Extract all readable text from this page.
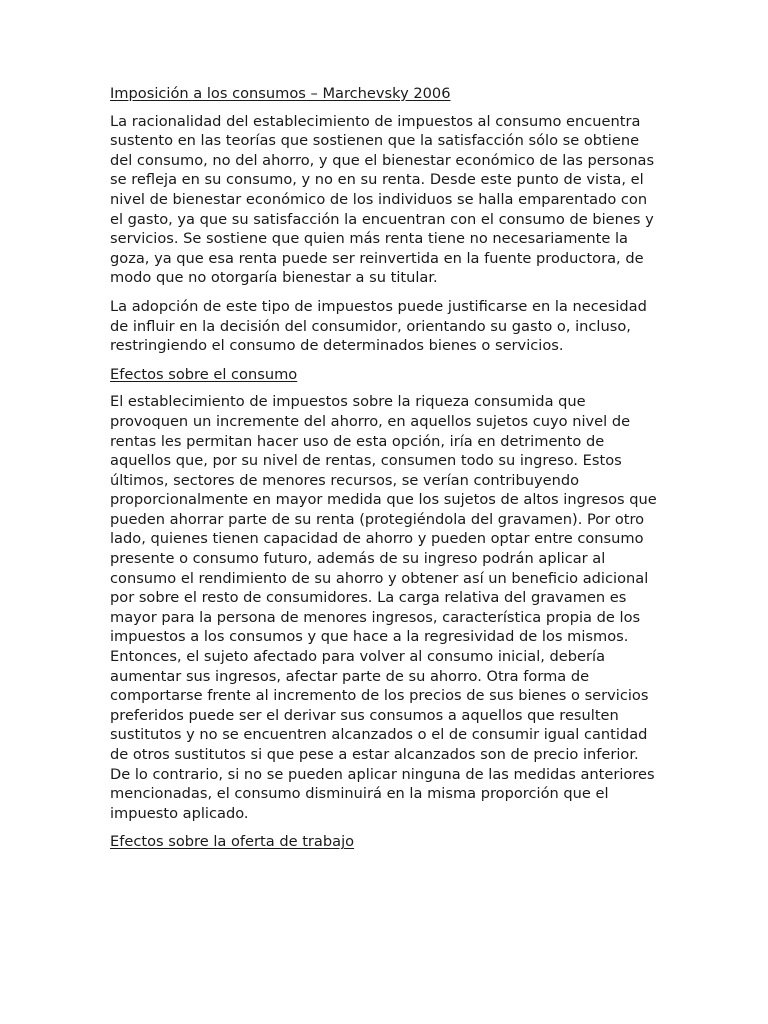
Imposición a los consumos – Marchevsky 2006

La racionalidad del establecimiento de impuestos al consumo encuentra sustento en las teorías que sostienen que la satisfacción sólo se obtiene del consumo, no del ahorro, y que el bienestar económico de las personas se refleja en su consumo, y no en su renta. Desde este punto de vista, el nivel de bienestar económico de los individuos se halla emparentado con el gasto, ya que su satisfacción la encuentran con el consumo de bienes y servicios. Se sostiene que quien más renta tiene no necesariamente la goza, ya que esa renta puede ser reinvertida en la fuente productora, de modo que no otorgaría bienestar a su titular.

La adopción de este tipo de impuestos puede justificarse en la necesidad de influir en la decisión del consumidor, orientando su gasto o, incluso, restringiendo el consumo de determinados bienes o servicios.

Efectos sobre el consumo

El establecimiento de impuestos sobre la riqueza consumida que provoquen un incremente del ahorro, en aquellos sujetos cuyo nivel de rentas les permitan hacer uso de esta opción, iría en detrimento de aquellos que, por su nivel de rentas, consumen todo su ingreso. Estos últimos, sectores de menores recursos, se verían contribuyendo proporcionalmente en mayor medida que los sujetos de altos ingresos que pueden ahorrar parte de su renta (protegiéndola del gravamen). Por otro lado, quienes tienen capacidad de ahorro y pueden optar entre consumo presente o consumo futuro, además de su ingreso podrán aplicar al consumo el rendimiento de su ahorro y obtener así un beneficio adicional por sobre el resto de consumidores. La carga relativa del gravamen es mayor para la persona de menores ingresos, característica propia de los impuestos a los consumos y que hace a la regresividad de los mismos. Entonces, el sujeto afectado para volver al consumo inicial, debería aumentar sus ingresos, afectar parte de su ahorro. Otra forma de comportarse frente al incremento de los precios de sus bienes o servicios preferidos puede ser el derivar sus consumos a aquellos que resulten sustitutos y no se encuentren alcanzados o el de consumir igual cantidad de otros sustitutos si que pese a estar alcanzados son de precio inferior. De lo contrario, si no se pueden aplicar ninguna de las medidas anteriores mencionadas, el consumo disminuirá en la misma proporción que el impuesto aplicado.

Efectos sobre la oferta de trabajo
